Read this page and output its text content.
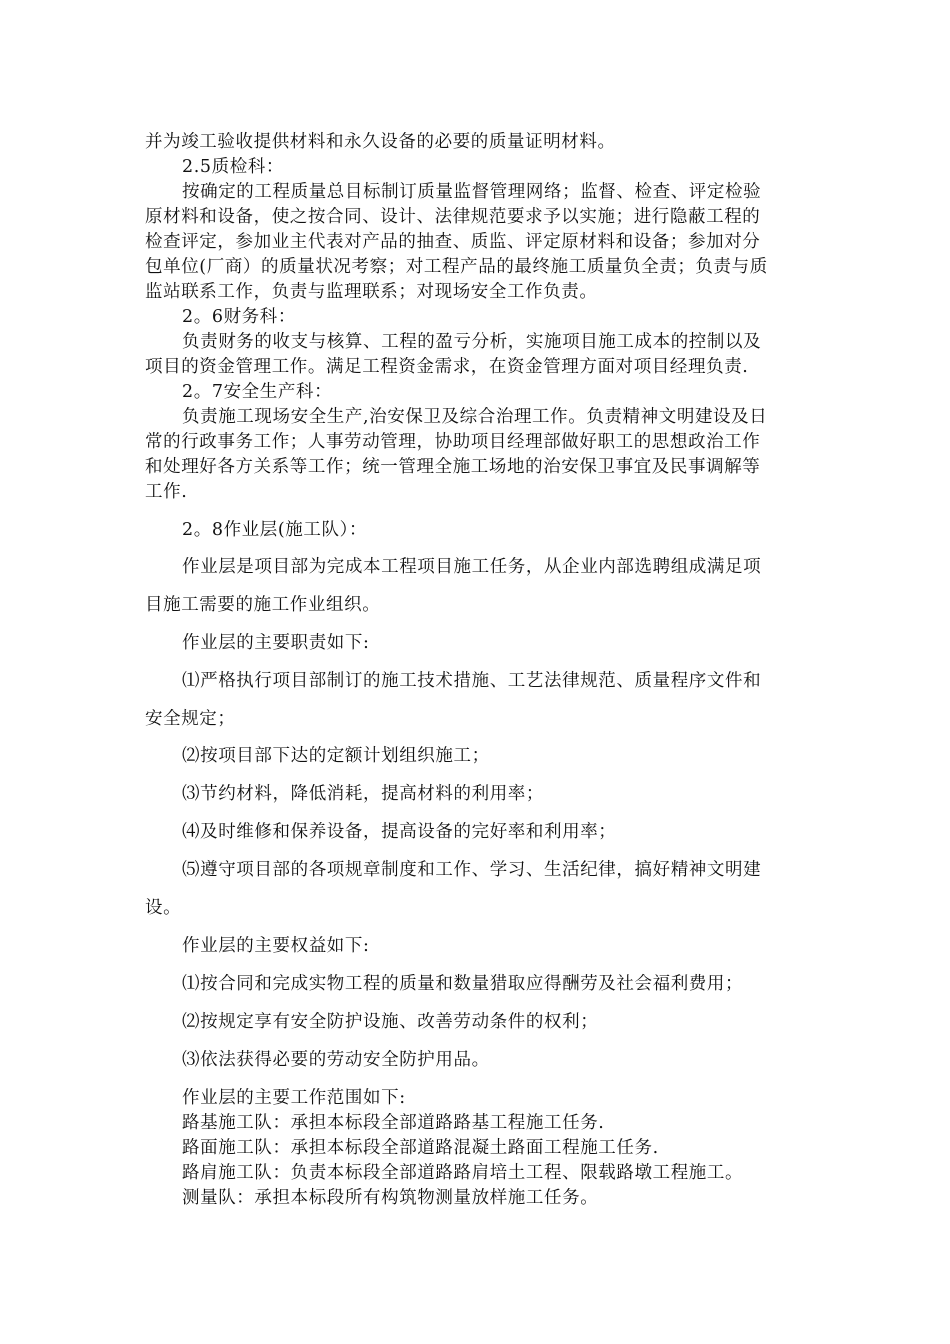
并为竣工验收提供材料和永久设备的必要的质量证明材料。
2.5质检科：
按确定的工程质量总目标制订质量监督管理网络；监督、检查、评定检验
原材料和设备，使之按合同、设计、法律规范要求予以实施；进行隐蔽工程的
检查评定，参加业主代表对产品的抽查、质监、评定原材料和设备；参加对分
包单位(厂商）的质量状况考察；对工程产品的最终施工质量负全责；负责与质
监站联系工作，负责与监理联系；对现场安全工作负责。
2。6财务科：
负责财务的收支与核算、工程的盈亏分析，实施项目施工成本的控制以及
项目的资金管理工作。满足工程资金需求，在资金管理方面对项目经理负责.
2。7安全生产科：
负责施工现场安全生产,治安保卫及综合治理工作。负责精神文明建设及日
常的行政事务工作；人事劳动管理，协助项目经理部做好职工的思想政治工作
和处理好各方关系等工作；统一管理全施工场地的治安保卫事宜及民事调解等
工作.
2。8作业层(施工队）：
作业层是项目部为完成本工程项目施工任务，从企业内部选聘组成满足项
目施工需要的施工作业组织。
作业层的主要职责如下:
⑴严格执行项目部制订的施工技术措施、工艺法律规范、质量程序文件和
安全规定；
⑵按项目部下达的定额计划组织施工；
⑶节约材料，降低消耗，提高材料的利用率；
⑷及时维修和保养设备，提高设备的完好率和利用率；
⑸遵守项目部的各项规章制度和工作、学习、生活纪律，搞好精神文明建
设。
作业层的主要权益如下:
⑴按合同和完成实物工程的质量和数量猎取应得酬劳及社会福利费用；
⑵按规定享有安全防护设施、改善劳动条件的权利；
⑶依法获得必要的劳动安全防护用品。
作业层的主要工作范围如下:
路基施工队：承担本标段全部道路路基工程施工任务.
路面施工队：承担本标段全部道路混凝土路面工程施工任务.
路肩施工队：负责本标段全部道路路肩培土工程、限载路墩工程施工。
测量队：承担本标段所有构筑物测量放样施工任务。
